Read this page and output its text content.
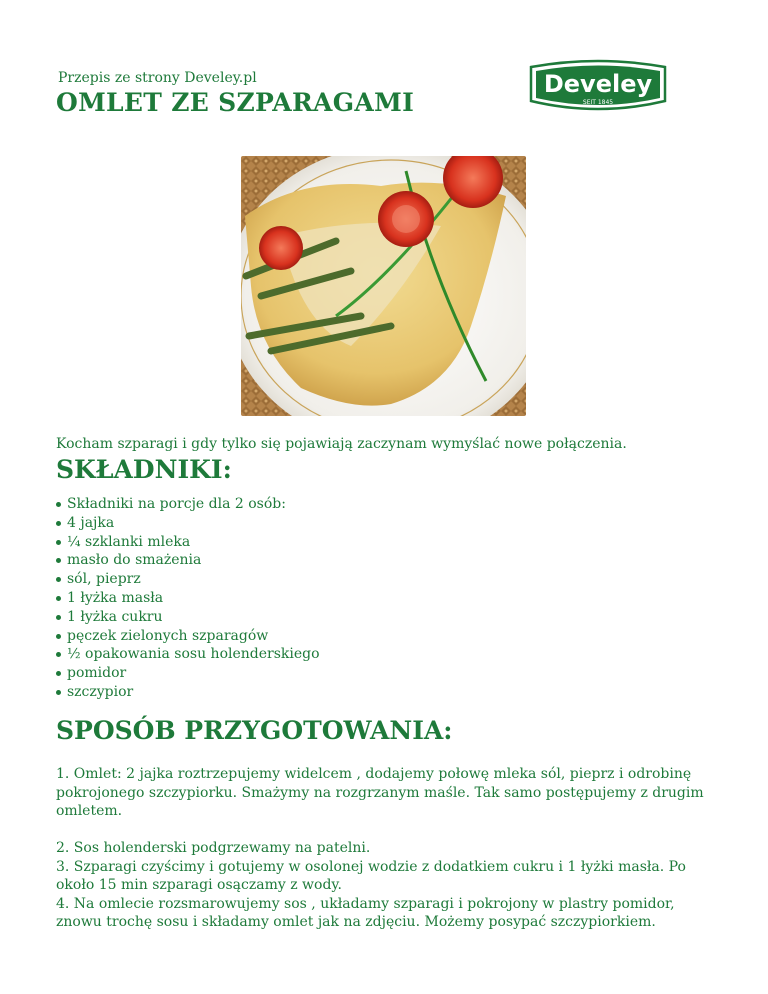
Przepis ze strony Develey.pl
OMLET ZE SZPARAGAMI
Develey
SEIT 1845
Kocham szparagi i gdy tylko się pojawiają zaczynam wymyślać nowe połączenia.
SKŁADNIKI:
Składniki na porcje dla 2 osób:
4 jajka
¼ szklanki mleka
masło do smażenia
sól, pieprz
1 łyżka masła
1 łyżka cukru
pęczek zielonych szparagów
½ opakowania sosu holenderskiego
pomidor
szczypior
SPOSÓB PRZYGOTOWANIA:

1. Omlet: 2 jajka roztrzepujemy widelcem , dodajemy połowę mleka sól, pieprz i odrobinę pokrojonego szczypiorku. Smażymy na rozgrzanym maśle. Tak samo postępujemy z drugim omletem.

2. Sos holenderski podgrzewamy na patelni.

3. Szparagi czyścimy i gotujemy w osolonej wodzie z dodatkiem cukru i 1 łyżki masła. Po około 15 min szparagi osączamy z wody.

4. Na omlecie rozsmarowujemy sos , układamy szparagi i pokrojony w plastry pomidor, znowu trochę sosu i składamy omlet jak na zdjęciu. Możemy posypać szczypiorkiem.
